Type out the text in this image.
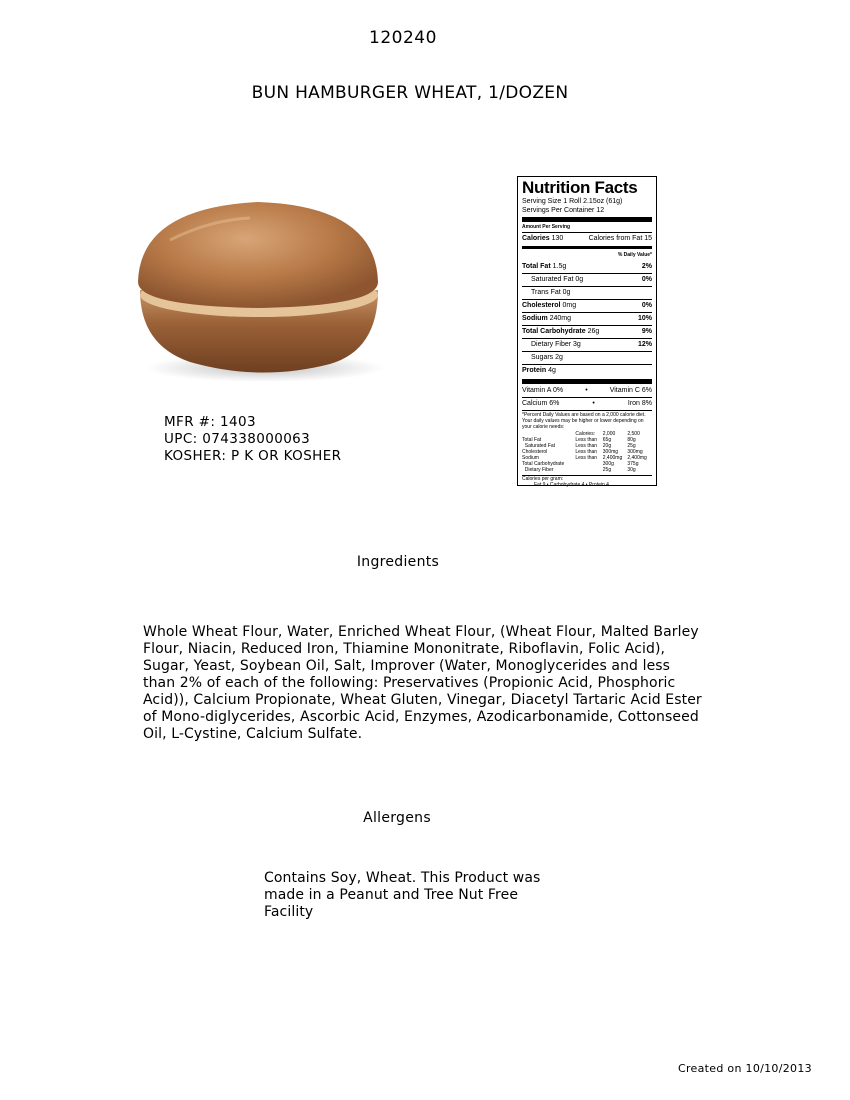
120240
BUN HAMBURGER WHEAT, 1/DOZEN
MFR #: 1403
UPC: 074338000063
KOSHER: P K OR KOSHER
Nutrition Facts
Serving Size 1 Roll 2.15oz (61g)
Servings Per Container 12
Amount Per Serving
Calories 130	Calories from Fat 15
% Daily Value*
Total Fat 1.5g	2%
Saturated Fat 0g	0%
Trans Fat 0g
Cholesterol 0mg	0%
Sodium 240mg	10%
Total Carbohydrate 26g	9%
Dietary Fiber 3g	12%
Sugars 2g
Protein 4g
Vitamin A 0%	•	Vitamin C 6%
Calcium 6%	•	Iron 8%
*Percent Daily Values are based on a 2,000 calorie diet. Your daily values may be higher or lower depending on your calorie needs:
	Calories:	2,000	2,500
Total Fat	Less than	65g	80g
Saturated Fat	Less than	20g	25g
Cholesterol	Less than	300mg	300mg
Sodium	Less than	2,400mg	2,400mg
Total Carbohydrate		300g	375g
Dietary Fiber		25g	30g
Calories per gram:
Fat 9 • Carbohydrate 4 • Protein 4
Ingredients
Whole Wheat Flour, Water, Enriched Wheat Flour, (Wheat Flour, Malted Barley Flour, Niacin, Reduced Iron, Thiamine Mononitrate, Riboflavin, Folic Acid), Sugar, Yeast, Soybean Oil, Salt, Improver (Water, Monoglycerides and less than 2% of each of the following: Preservatives (Propionic Acid, Phosphoric Acid)), Calcium Propionate, Wheat Gluten, Vinegar, Diacetyl Tartaric Acid Ester of Mono-diglycerides, Ascorbic Acid, Enzymes, Azodicarbonamide, Cottonseed Oil, L-Cystine, Calcium Sulfate.
Allergens
Contains Soy, Wheat. This Product was made in a Peanut and Tree Nut Free Facility
Created on 10/10/2013
